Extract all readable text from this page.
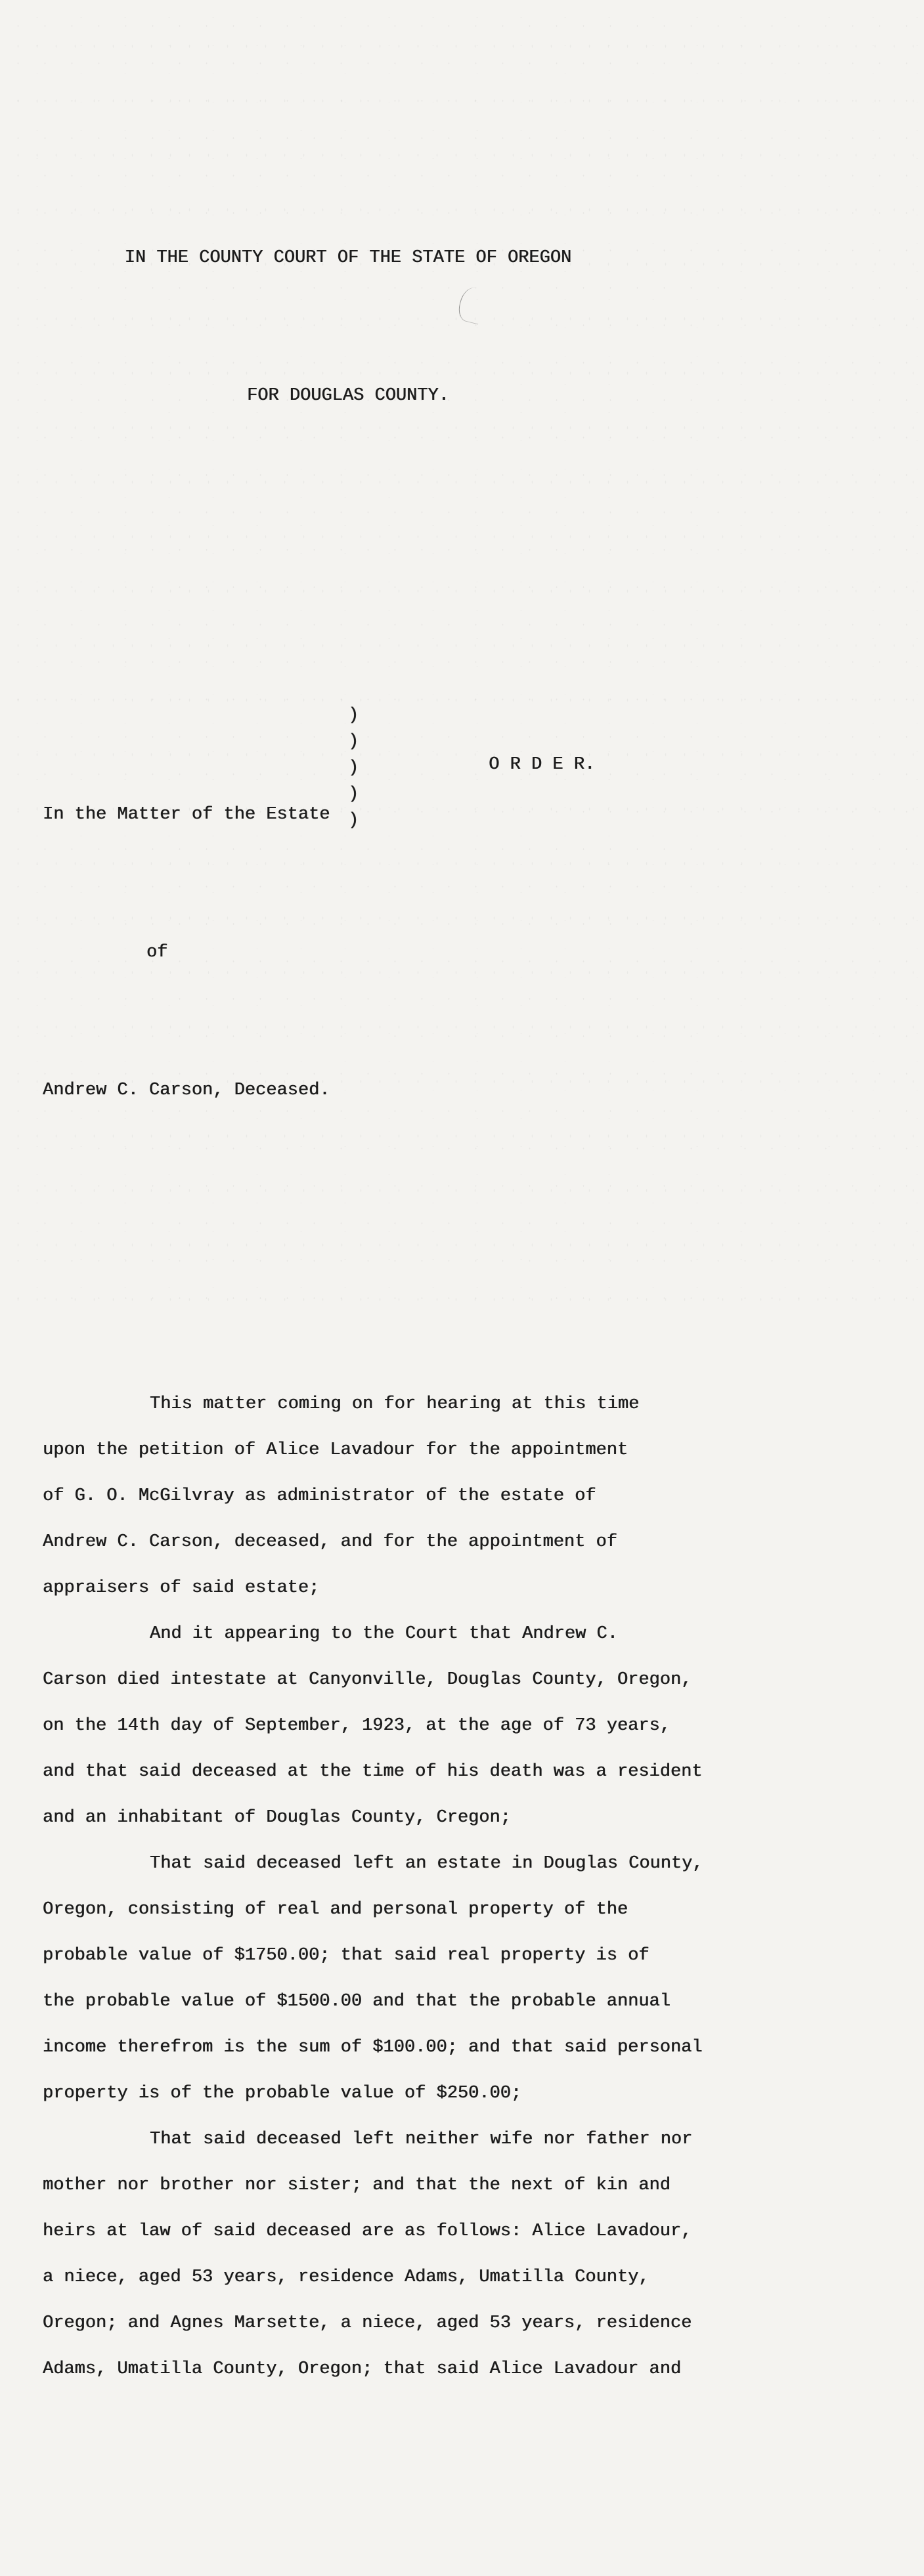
IN THE COUNTY COURT OF THE STATE OF OREGON

FOR DOUGLAS COUNTY.

In the Matter of the Estate

of

Andrew C. Carson, Deceased.

)
)
)
)
)
O R D E R.

This matter coming on for hearing at this time
upon the petition of Alice Lavadour for the appointment
of G. O. McGilvray as administrator of the estate of
Andrew C. Carson, deceased, and for the appointment of
appraisers of said estate;
And it appearing to the Court that Andrew C.
Carson died intestate at Canyonville, Douglas County, Oregon,
on the 14th day of September, 1923, at the age of 73 years,
and that said deceased at the time of his death was a resident
and an inhabitant of Douglas County, Cregon;
That said deceased left an estate in Douglas County,
Oregon, consisting of real and personal property of the
probable value of $1750.00; that said real property is of
the probable value of $1500.00 and that the probable annual
income therefrom is the sum of $100.00; and that said personal
property is of the probable value of $250.00;
That said deceased left neither wife nor father nor
mother nor brother nor sister; and that the next of kin and
heirs at law of said deceased are as follows: Alice Lavadour,
a niece, aged 53 years, residence Adams, Umatilla County,
Oregon; and Agnes Marsette, a niece, aged 53 years, residence
Adams, Umatilla County, Oregon; that said Alice Lavadour and
